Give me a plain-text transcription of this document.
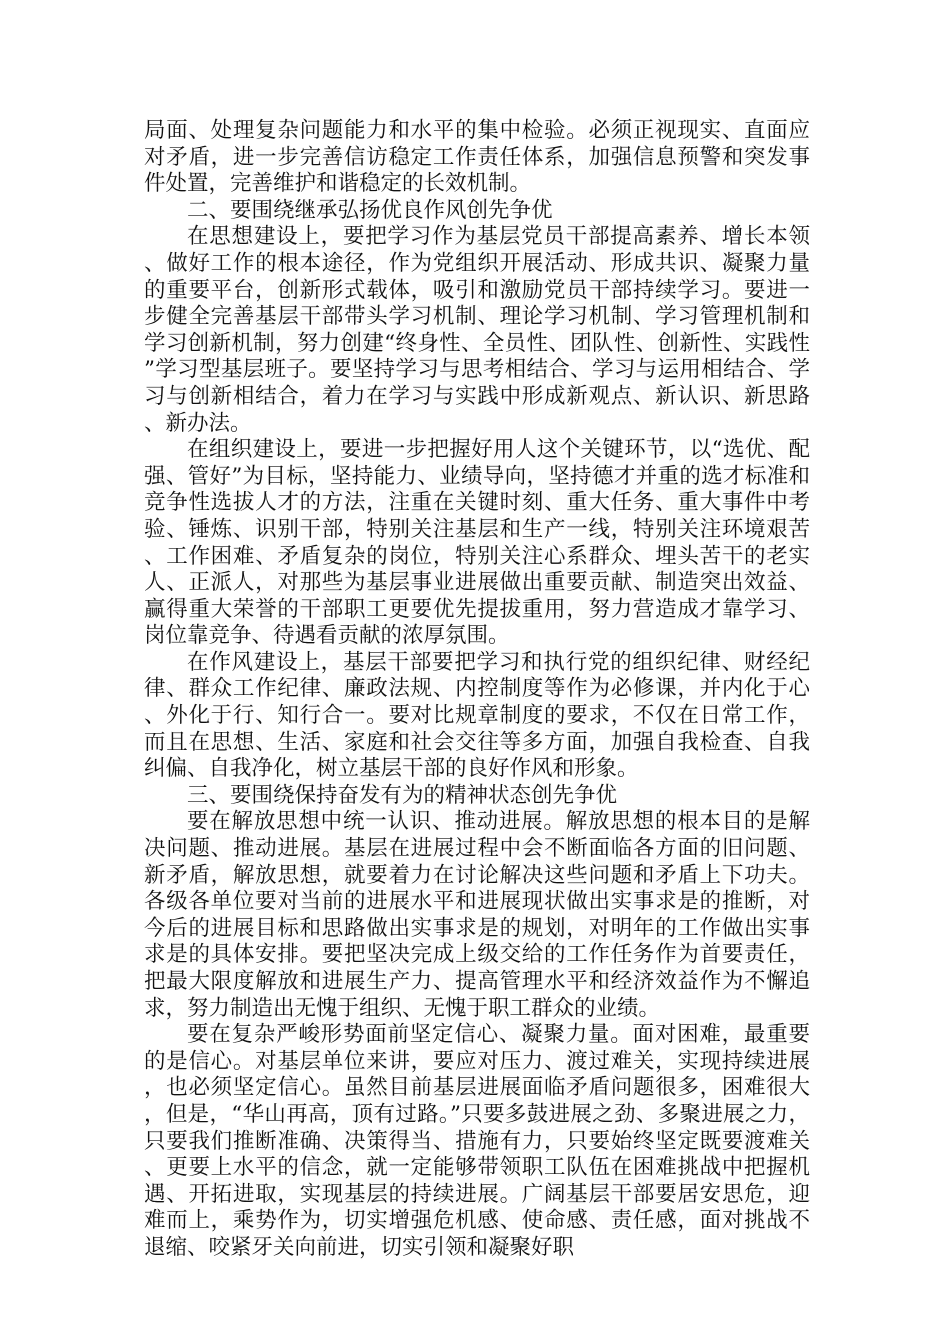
局面、处理复杂问题能力和水平的集中检验。必须正视现实、直面应对矛盾，进一步完善信访稳定工作责任体系，加强信息预警和突发事件处置，完善维护和谐稳定的长效机制。

二、要围绕继承弘扬优良作风创先争优

在思想建设上，要把学习作为基层党员干部提高素养、增长本领、做好工作的根本途径，作为党组织开展活动、形成共识、凝聚力量的重要平台，创新形式载体，吸引和激励党员干部持续学习。要进一步健全完善基层干部带头学习机制、理论学习机制、学习管理机制和学习创新机制，努力创建“终身性、全员性、团队性、创新性、实践性”学习型基层班子。要坚持学习与思考相结合、学习与运用相结合、学习与创新相结合，着力在学习与实践中形成新观点、新认识、新思路、新办法。

在组织建设上，要进一步把握好用人这个关键环节，以“选优、配强、管好”为目标，坚持能力、业绩导向，坚持德才并重的选才标准和竞争性选拔人才的方法，注重在关键时刻、重大任务、重大事件中考验、锤炼、识别干部，特别关注基层和生产一线，特别关注环境艰苦、工作困难、矛盾复杂的岗位，特别关注心系群众、埋头苦干的老实人、正派人，对那些为基层事业进展做出重要贡献、制造突出效益、赢得重大荣誉的干部职工更要优先提拔重用，努力营造成才靠学习、岗位靠竞争、待遇看贡献的浓厚氛围。

在作风建设上，基层干部要把学习和执行党的组织纪律、财经纪律、群众工作纪律、廉政法规、内控制度等作为必修课，并内化于心、外化于行、知行合一。要对比规章制度的要求，不仅在日常工作，而且在思想、生活、家庭和社会交往等多方面，加强自我检查、自我纠偏、自我净化，树立基层干部的良好作风和形象。

三、要围绕保持奋发有为的精神状态创先争优

要在解放思想中统一认识、推动进展。解放思想的根本目的是解决问题、推动进展。基层在进展过程中会不断面临各方面的旧问题、新矛盾，解放思想，就要着力在讨论解决这些问题和矛盾上下功夫。各级各单位要对当前的进展水平和进展现状做出实事求是的推断，对今后的进展目标和思路做出实事求是的规划，对明年的工作做出实事求是的具体安排。要把坚决完成上级交给的工作任务作为首要责任，把最大限度解放和进展生产力、提高管理水平和经济效益作为不懈追求，努力制造出无愧于组织、无愧于职工群众的业绩。

要在复杂严峻形势面前坚定信心、凝聚力量。面对困难，最重要的是信心。对基层单位来讲，要应对压力、渡过难关，实现持续进展，也必须坚定信心。虽然目前基层进展面临矛盾问题很多，困难很大，但是，“华山再高，顶有过路。”只要多鼓进展之劲、多聚进展之力，只要我们推断准确、决策得当、措施有力，只要始终坚定既要渡难关、更要上水平的信念，就一定能够带领职工队伍在困难挑战中把握机遇、开拓进取，实现基层的持续进展。广阔基层干部要居安思危，迎难而上，乘势作为，切实增强危机感、使命感、责任感，面对挑战不退缩、咬紧牙关向前进，切实引领和凝聚好职
